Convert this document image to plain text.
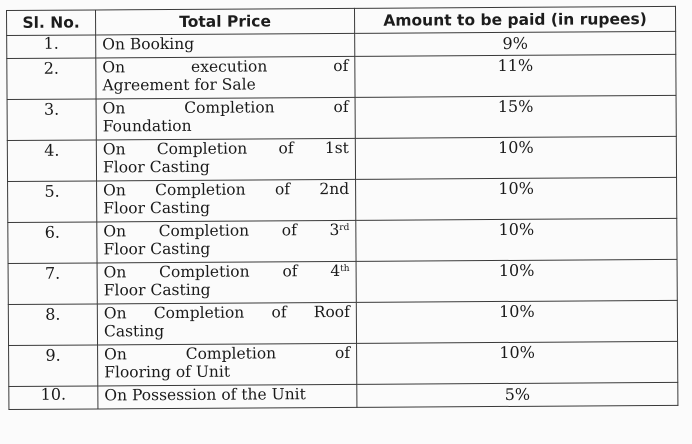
Sl. No.	Total Price	Amount to be paid (in rupees)
1.	On Booking	9%
2.	On execution of
Agreement for Sale	11%
3.	On Completion of
Foundation	15%
4.	On Completion of 1st
Floor Casting	10%
5.	On Completion of 2nd
Floor Casting	10%
6.	On Completion of 3rd
Floor Casting	10%
7.	On Completion of 4th
Floor Casting	10%
8.	On Completion of Roof
Casting	10%
9.	On Completion of
Flooring of Unit	10%
10.	On Possession of the Unit	5%
